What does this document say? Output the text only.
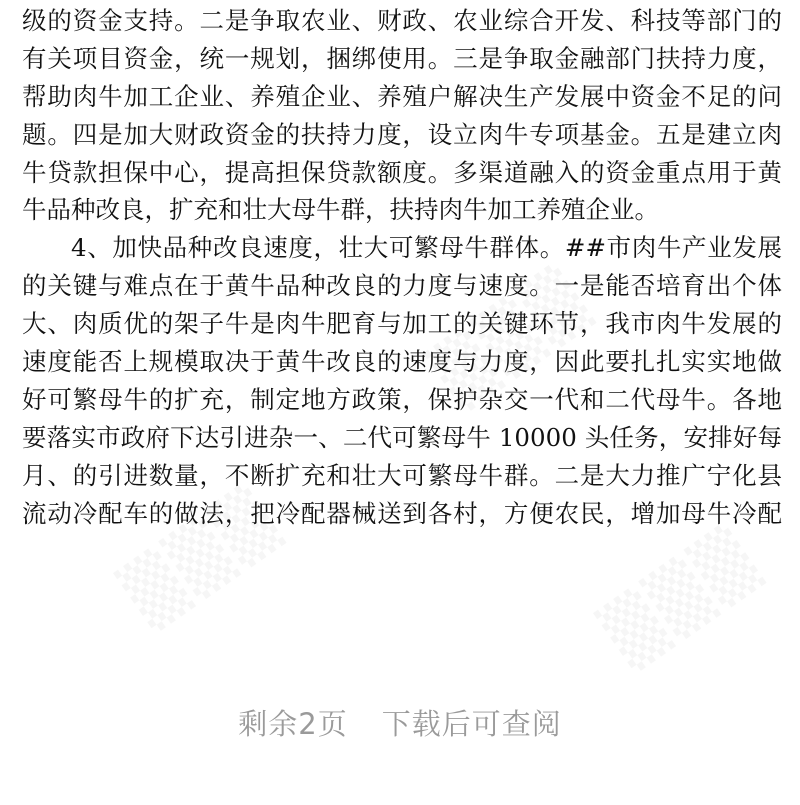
级的资金支持。二是争取农业、财政、农业综合开发、科技等部门的
有关项目资金，统一规划，捆绑使用。三是争取金融部门扶持力度，
帮助肉牛加工企业、养殖企业、养殖户解决生产发展中资金不足的问
题。四是加大财政资金的扶持力度，设立肉牛专项基金。五是建立肉
牛贷款担保中心，提高担保贷款额度。多渠道融入的资金重点用于黄
牛品种改良，扩充和壮大母牛群，扶持肉牛加工养殖企业。
4、加快品种改良速度，壮大可繁母牛群体。##市肉牛产业发展
的关键与难点在于黄牛品种改良的力度与速度。一是能否培育出个体
大、肉质优的架子牛是肉牛肥育与加工的关键环节，我市肉牛发展的
速度能否上规模取决于黄牛改良的速度与力度，因此要扎扎实实地做
好可繁母牛的扩充，制定地方政策，保护杂交一代和二代母牛。各地
要落实市政府下达引进杂一、二代可繁母牛 10000 头任务，安排好每
月、的引进数量，不断扩充和壮大可繁母牛群。二是大力推广宁化县
流动冷配车的做法，把冷配器械送到各村，方便农民，增加母牛冷配
剩余2页 下载后可查阅
